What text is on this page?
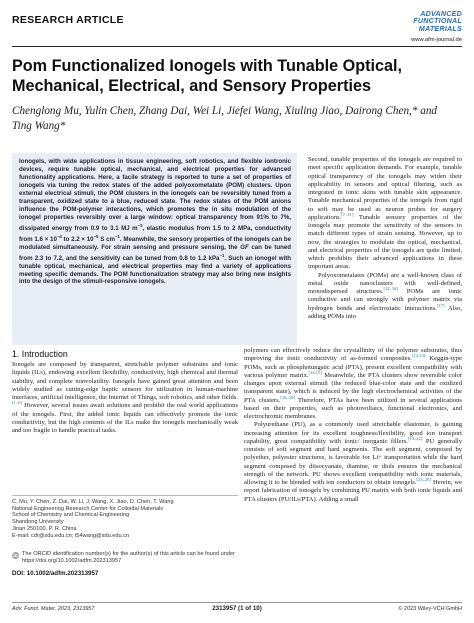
RESEARCH ARTICLE
ADVANCED
FUNCTIONAL
MATERIALS
www.afm-journal.de
Pom Functionalized Ionogels with Tunable Optical, Mechanical, Electrical, and Sensory Properties
Chenglong Mu, Yulin Chen, Zhang Dai, Wei Li, Jiefei Wang, Xiuling Jiao, Dairong Chen,* and Ting Wang*
Ionogels, with wide applications in tissue engineering, soft robotics, and flexible iontronic devices, require tunable optical, mechanical, and electrical properties for advanced functionality applications. Here, a facile strategy is reported to tune a set of properties of ionogels via tuning the redox states of the added polyoxometalate (POM) clusters. Upon external electrical stimuli, the POM clusters in the ionogels can be reversibly tuned from a transparent, oxidized state to a blue, reduced state. The redox states of the POM anions influence the POM-polymer interactions, which promotes the in situ modulation of the ionogel properties reversibly over a large window: optical transparency from 91% to 7%, dissipated energy from 0.9 to 3.1 MJ $m^{-3}$, elastic modulus from 1.5 to 2 MPa, conductivity from $1.6 \times 10^{-4}$ to $2.2 \times 10^{-5}$ S $cm^{-1}$. Meanwhile, the sensory properties of the ionogels can be modulated simultaneously. For strain sensing and pressure sensing, the GF can be tuned from 2.3 to 7.2, and the sensitivity can be tuned from 0.8 to 1.2 kPa$^{-1}$. Such an ionogel with tunable optical, mechanical, and electrical properties may find a variety of applications meeting specific demands. The POM functionalization strategy may also bring new insights into the design of the stimuli-responsive ionogels.
1. Introduction

Ionogels are composed by transparent, stretchable polymer substrates and ionic liquids (ILs), endowing excellent flexibility, conductivity, high chemical and thermal stability, and complete nonvolatility. Ionogels have gained great attention and been widely studied as cutting-edge haptic sensors for utilization in human-machine interfaces, artificial intelligence, the Internet of Things, soft robotics, and other fields.[1–6] However, several issues await solutions and prohibit the real world applications of the ionogels. First, the added ionic liquids can effectively promote the ionic conductivity, but the high contents of the ILs make the ionogels mechanically weak and too fragile to handle practical tasks.

C. Mu, Y. Chen, Z. Dai, W. Li, J. Wang, X. Jiao, D. Chen, T. Wang
National Engineering Research Center for Colloidal Materials
School of Chemistry and Chemical Engineering
Shandong University
Jinan 250100, P. R. China
E-mail: cdr@sdu.edu.cn; t54wang@sdu.edu.cn
iD The ORCID identification number(s) for the author(s) of this article can be found under https://doi.org/10.1002/adfm.202313957
DOI: 10.1002/adfm.202313957

Second, tunable properties of the ionogels are required to meet specific application demands. For example, tunable optical transparency of the ionogels may widen their applicability in sensors and optical filtering, such as integrated in ionic skins with tunable skin appearance. Tunable mechanical properties of the ionogels from rigid to soft may be used as neuron probes for surgery applications.[7–11] Tunable sensory properties of the ionogels may promote the sensitivity of the sensors to match different types of strain sensing. However, up to now, the strategies to modulate the optical, mechanical, and electrical properties of the ionogels are quite limited, which prohibits their advanced applications in these important areas.

Polyoxometalates (POMs) are a well-known class of metal oxide nanoclusters with well-defined, monodispersed structures.[12–16] POMs are ionic conductive and can strongly with polymer matrix via hydrogen bonds and electrostatic interactions.[17] Also, adding POMs into

polymers can effectively reduce the crystallinity of the polymer substrates, thus improving the ionic conductivity of as-formed composites.[12,13] Keggin-type POMs, such as phosphotungstic acid (PTA), present excellent compatibility with various polymer matrix.[14,15] Meanwhile, the PTA clusters show reversible color changes upon external stimuli (the reduced blue-color state and the oxidized transparent state), which is induced by the high electrochemical activities of the PTA clusters.[16–18] Therefore, PTAs have been utilized in several applications based on their properties, such as photovoltaics, functional electronics, and electrochromic membranes.

Polyurethane (PU), as a commonly used stretchable elastomer, is gaining increasing attention for its excellent toughness/flexibility, good ion transport capability, great compatibility with ionic/ inorganic fillers.[19–22] PU generally consists of soft segment and hard segments. The soft segment, composed by polyether, polyester structures, is favorable for Li+ transportation while the hard segment composed by diisocyanate, diamine, or diols ensures the mechanical strength of the network. PU shows excellent compatibility with ionic materials, allowing it to be blended with ion conductors to obtain ionogels.[23–26] Herein, we report fabrication of ionogels by combining PU matrix with both ionic liquids and PTA clusters (PU/ILs/PTA). Adding a small

Adv. Funct. Mater. 2023, 2313957	2313957 (1 of 10)	© 2023 Wiley-VCH GmbH
